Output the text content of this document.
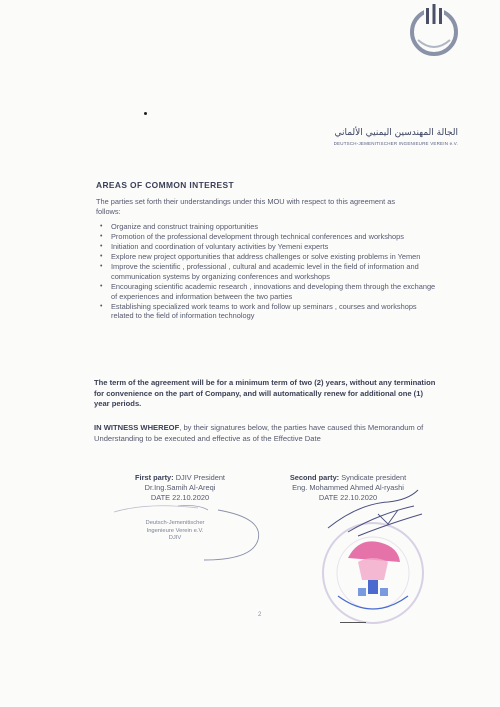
الجالة المهندسين اليمنيي الألماني
DEUTSCH-JEMENITISCHER INGENIEURE VEREIN e.V.
AREAS OF COMMON INTEREST

The parties set forth their understandings under this MOU with respect to this agreement as follows:

• Organize and construct training opportunities
• Promotion of the professional development through technical conferences and workshops
• Initiation and coordination of voluntary activities by Yemeni experts
• Explore new project opportunities that address challenges or solve existing problems in Yemen
• Improve the scientific , professional , cultural and academic level in the field of information and communication systems by organizing conferences and workshops
• Encouraging scientific academic research , innovations and developing them through the exchange of experiences and information between the two parties
• Establishing specialized work teams to work and follow up seminars , courses and workshops related to the field of information technology

The term of the agreement will be for a minimum term of two (2) years, without any termination for convenience on the part of Company, and will automatically renew for additional one (1) year periods.

IN WITNESS WHEREOF, by their signatures below, the parties have caused this Memorandum of Understanding to be executed and effective as of the Effective Date

First party: DJIV President
Dr.Ing.Samih Al-Areqi
DATE 22.10.2020
Deutsch-Jemenitischer
Ingenieure Verein e.V.
DJIV
Second party: Syndicate president
Eng. Mohammed Ahmed Al-ryashi
DATE 22.10.2020
2
